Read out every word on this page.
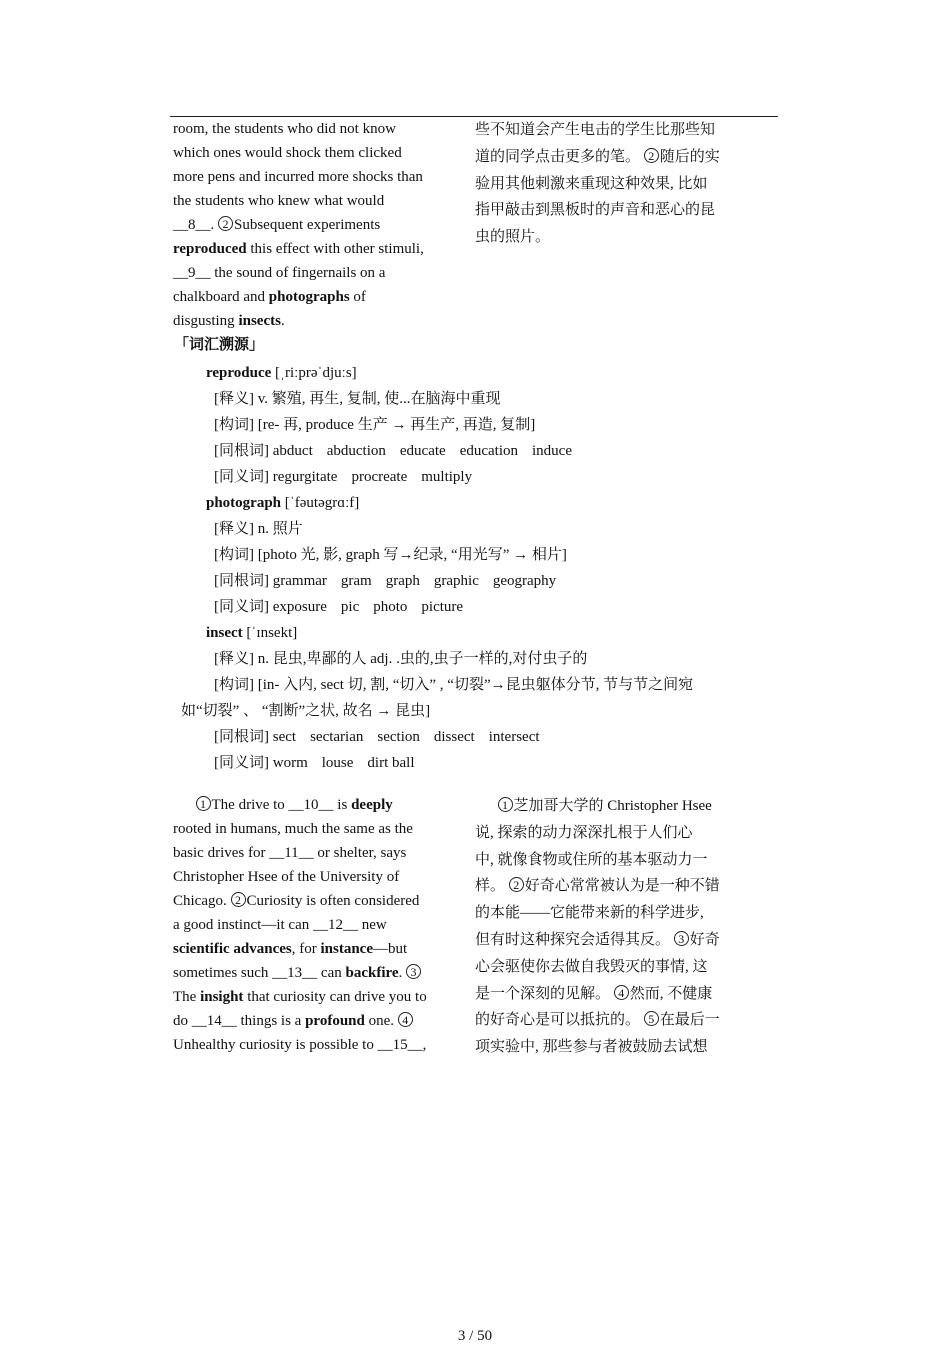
room, the students who did not know
which ones would shock them clicked
more pens and incurred more shocks than
the students who knew what would
__8__. 2 Subsequent experiments
reproduced this effect with other stimuli,
__9__ the sound of fingernails on a
chalkboard and photographs of
disgusting insects.
些不知道会产生电击的学生比那些知
道的同学点击更多的笔。 2 随后的实
验用其他刺激来重现这种效果, 比如
指甲敲击到黑板时的声音和恶心的昆
虫的照片。
「词汇溯源」
reproduce [ˌriːprəˈdjuːs]
[释义] v. 繁殖, 再生, 复制, 使...在脑海中重现
[构词] [re- 再, produce 生产 → 再生产, 再造, 复制]
[同根词] abduct abduction educate education induce
[同义词] regurgitate procreate multiply
photograph [ˈfəutəgrɑːf]
[释义] n. 照片
[构词] [photo 光, 影, graph 写→纪录, “用光写” → 相片]
[同根词] grammar gram graph graphic geography
[同义词] exposure pic photo picture
insect [ˈɪnsekt]
[释义] n. 昆虫,卑鄙的人 adj. .虫的,虫子一样的,对付虫子的
[构词] [in- 入内, sect 切, 割, “切入” , “切裂”→昆虫躯体分节, 节与节之间宛
如“切裂” 、 “割断”之状, 故名 → 昆虫]
[同根词] sect sectarian section dissect intersect
[同义词] worm louse dirt ball
1 The drive to __10__ is deeply
rooted in humans, much the same as the
basic drives for __11__ or shelter, says
Christopher Hsee of the University of
Chicago. 2 Curiosity is often considered
a good instinct—it can __12__ new
scientific advances, for instance—but
sometimes such __13__ can backfire. 3
The insight that curiosity can drive you to
do __14__ things is a profound one. 4
Unhealthy curiosity is possible to __15__,
1 芝加哥大学的 Christopher Hsee
说, 探索的动力深深扎根于人们心
中, 就像食物或住所的基本驱动力一
样。 2 好奇心常常被认为是一种不错
的本能——它能带来新的科学进步,
但有时这种探究会适得其反。 3 好奇
心会驱使你去做自我毁灭的事情, 这
是一个深刻的见解。 4 然而, 不健康
的好奇心是可以抵抗的。 5 在最后一
项实验中, 那些参与者被鼓励去试想
3 / 50
